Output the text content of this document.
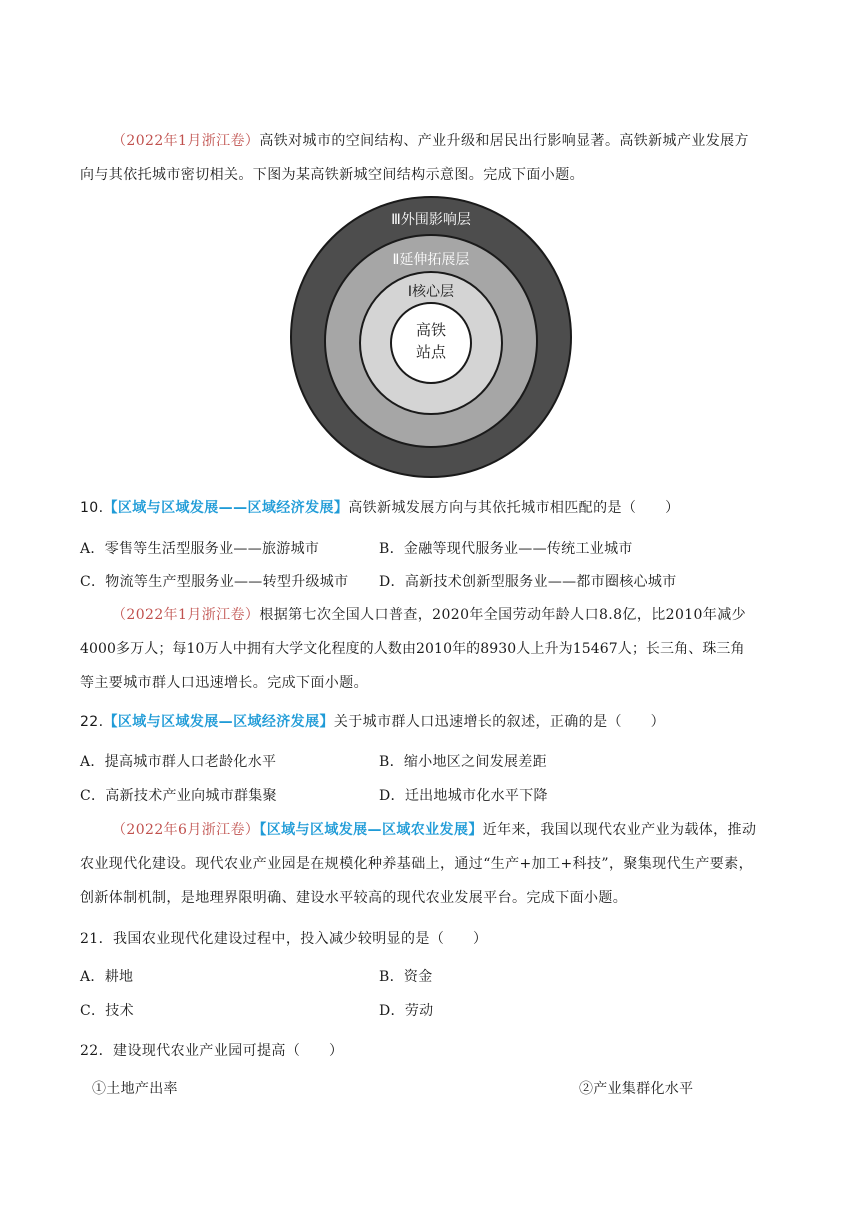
（2022年1月浙江卷）高铁对城市的空间结构、产业升级和居民出行影响显著。高铁新城产业发展方
向与其依托城市密切相关。下图为某高铁新城空间结构示意图。完成下面小题。
Ⅲ外围影响层
Ⅱ延伸拓展层
Ⅰ核心层
高铁
站点
10.【区域与区域发展——区域经济发展】高铁新城发展方向与其依托城市相匹配的是（　　）
A．零售等生活型服务业——旅游城市	B．金融等现代服务业——传统工业城市
C．物流等生产型服务业——转型升级城市 D．高新技术创新型服务业——都市圈核心城市
（2022年1月浙江卷）根据第七次全国人口普查，2020年全国劳动年龄人口8.8亿，比2010年减少
4000多万人；每10万人中拥有大学文化程度的人数由2010年的8930人上升为15467人；长三角、珠三角
等主要城市群人口迅速增长。完成下面小题。
22.【区域与区域发展—区域经济发展】关于城市群人口迅速增长的叙述，正确的是（　　）
A．提高城市群人口老龄化水平	B．缩小地区之间发展差距
C．高新技术产业向城市群集聚	D．迁出地城市化水平下降
（2022年6月浙江卷）【区域与区域发展—区域农业发展】近年来，我国以现代农业产业为载体，推动
农业现代化建设。现代农业产业园是在规模化种养基础上，通过“生产+加工+科技”，聚集现代生产要素，
创新体制机制，是地理界限明确、建设水平较高的现代农业发展平台。完成下面小题。
21．我国农业现代化建设过程中，投入减少较明显的是（　　）
A．耕地	B．资金
C．技术	D．劳动
22．建设现代农业产业园可提高（　　）
①土地产出率	②产业集群化水平
